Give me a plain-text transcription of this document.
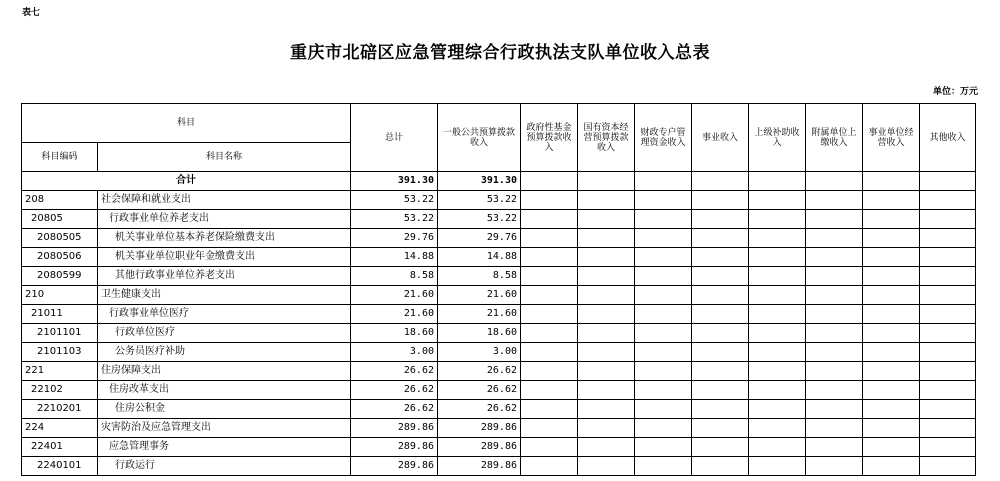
表七
重庆市北碚区应急管理综合行政执法支队单位收入总表
单位：万元
科目		总计	一般公共预算拨款收入	政府性基金预算拨款收入	国有资本经营预算拨款收入	财政专户管理资金收入	事业收入	上级补助收入	附属单位上缴收入	事业单位经营收入	其他收入
科目编码	科目名称										
合计		391.30	391.30								
208	社会保障和就业支出	53.22	53.22								
20805	行政事业单位养老支出	53.22	53.22								
2080505	机关事业单位基本养老保险缴费支出	29.76	29.76								
2080506	机关事业单位职业年金缴费支出	14.88	14.88								
2080599	其他行政事业单位养老支出	8.58	8.58								
210	卫生健康支出	21.60	21.60								
21011	行政事业单位医疗	21.60	21.60								
2101101	行政单位医疗	18.60	18.60								
2101103	公务员医疗补助	3.00	3.00								
221	住房保障支出	26.62	26.62								
22102	住房改革支出	26.62	26.62								
2210201	住房公积金	26.62	26.62								
224	灾害防治及应急管理支出	289.86	289.86								
22401	应急管理事务	289.86	289.86								
2240101	行政运行	289.86	289.86								
